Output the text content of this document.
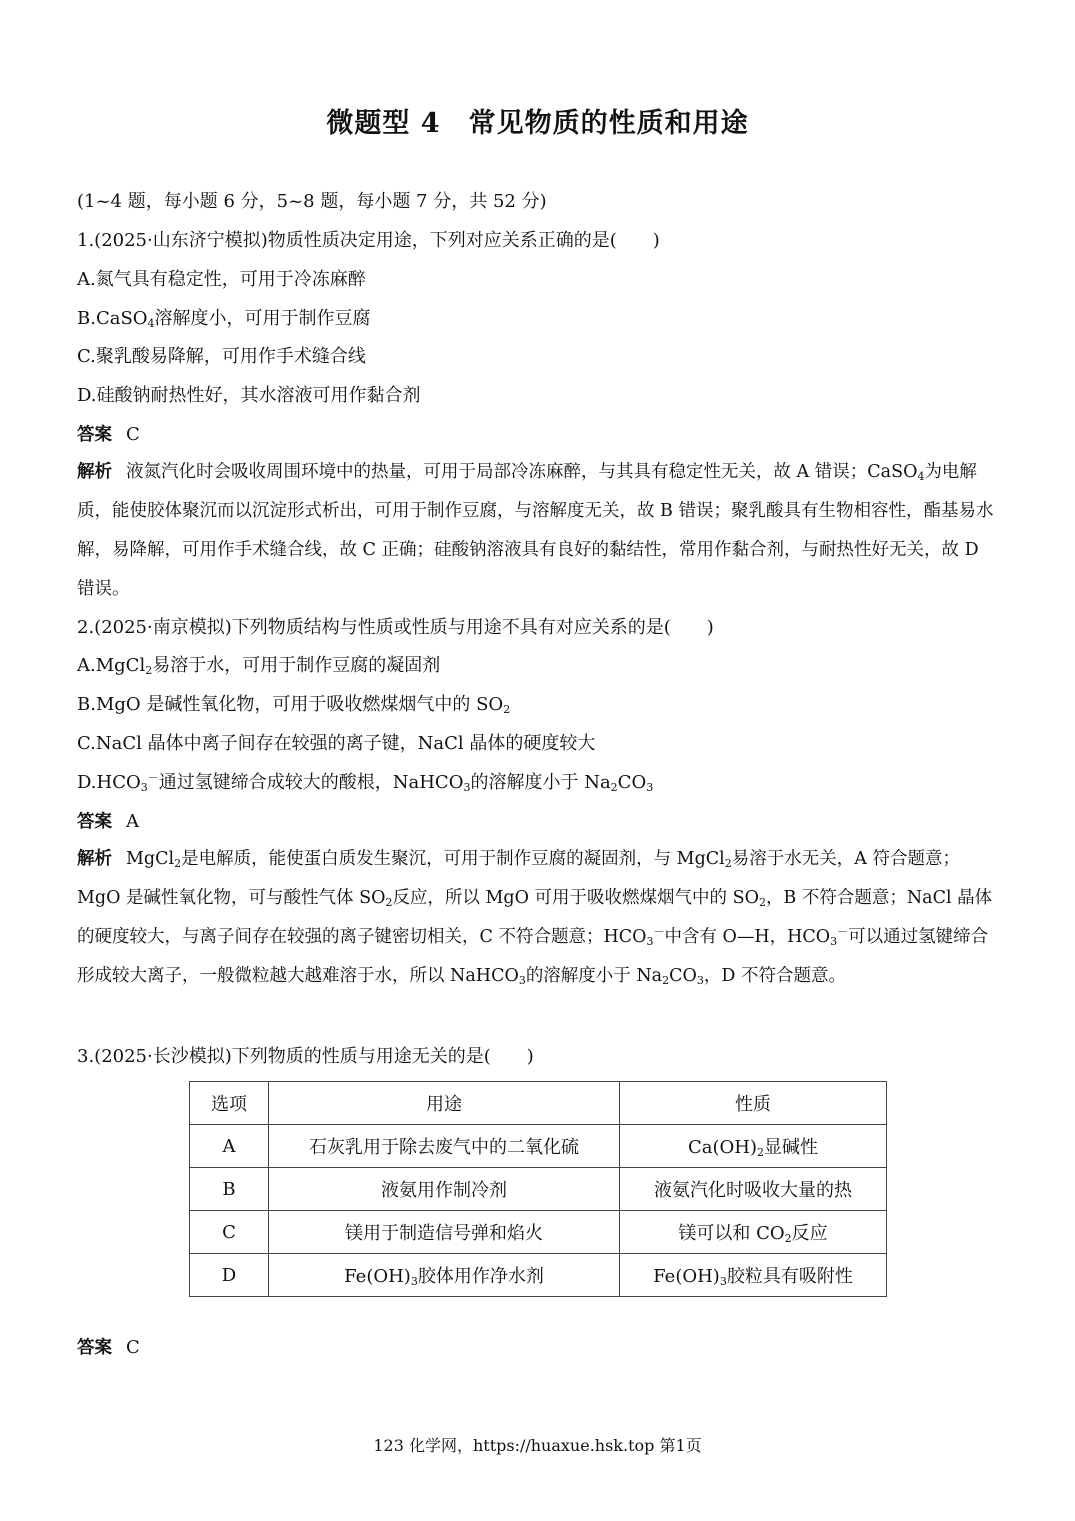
微题型 4　常见物质的性质和用途
(1~4 题，每小题 6 分，5~8 题，每小题 7 分，共 52 分)
1.(2025·山东济宁模拟)物质性质决定用途，下列对应关系正确的是(　　)
A.氮气具有稳定性，可用于冷冻麻醉
B.CaSO$_4$溶解度小，可用于制作豆腐
C.聚乳酸易降解，可用作手术缝合线
D.硅酸钠耐热性好，其水溶液可用作黏合剂
答案 C
解析 液氮汽化时会吸收周围环境中的热量，可用于局部冷冻麻醉，与其具有稳定性无关，故 A 错误；CaSO$_4$为电解质，能使胶体聚沉而以沉淀形式析出，可用于制作豆腐，与溶解度无关，故 B 错误；聚乳酸具有生物相容性，酯基易水解，易降解，可用作手术缝合线，故 C 正确；硅酸钠溶液具有良好的黏结性，常用作黏合剂，与耐热性好无关，故 D 错误。
2.(2025·南京模拟)下列物质结构与性质或性质与用途不具有对应关系的是(　　)
A.MgCl$_2$易溶于水，可用于制作豆腐的凝固剂
B.MgO 是碱性氧化物，可用于吸收燃煤烟气中的 $SO_2$
C.NaCl 晶体中离子间存在较强的离子键，NaCl 晶体的硬度较大
$D.HCO_3^-$通过氢键缔合成较大的酸根，NaHCO$_3$的溶解度小于 $Na_2CO_3$
答案 A
解析 MgCl$_2$是电解质，能使蛋白质发生聚沉，可用于制作豆腐的凝固剂，与 MgCl$_2$易溶于水无关，A 符合题意；MgO 是碱性氧化物，可与酸性气体 $SO_2$反应，所以 MgO 可用于吸收燃煤烟气中的 $SO_2$，B 不符合题意；NaCl 晶体的硬度较大，与离子间存在较强的离子键密切相关，C 不符合题意；$HCO_3^-$中含有 O—H，$HCO_3^-$可以通过氢键缔合形成较大离子，一般微粒越大越难溶于水，所以 NaHCO$_3$的溶解度小于 $Na_2CO_3$，D 不符合题意。
3.(2025·长沙模拟)下列物质的性质与用途无关的是(　　)
选项	用途	性质
A	石灰乳用于除去废气中的二氧化硫	$Ca(OH)_2$显碱性
B	液氨用作制冷剂	液氨汽化时吸收大量的热
C	镁用于制造信号弹和焰火	镁可以和 $CO_2$反应
D	$Fe(OH)_3$胶体用作净水剂	$Fe(OH)_3$胶粒具有吸附性
答案 C
123 化学网，https://huaxue.hsk.top 第1页
